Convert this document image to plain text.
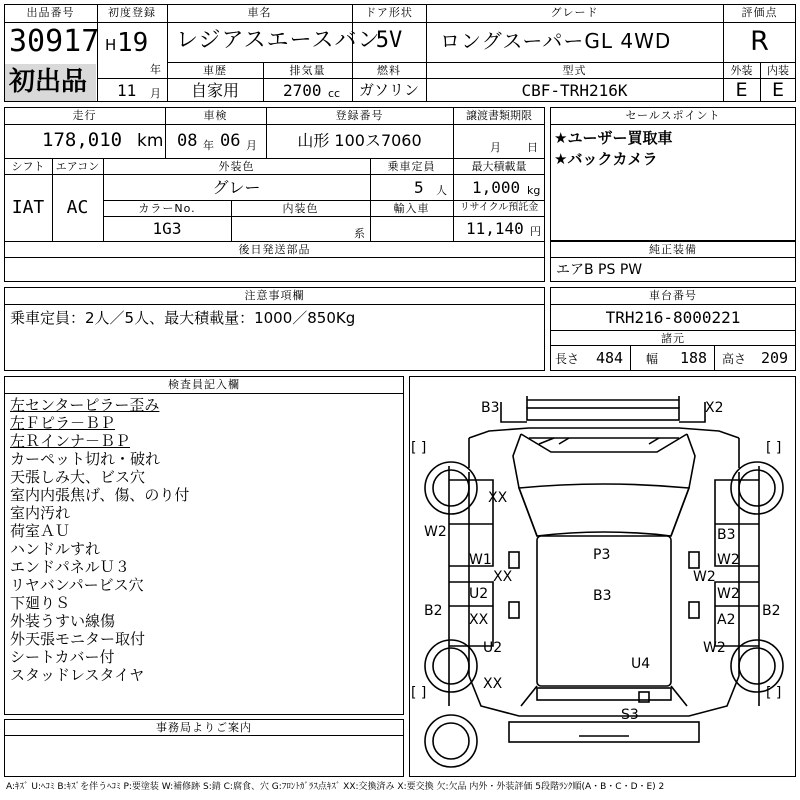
出品番号
30917
初出品
初度登録
H 19
年
11 月
車名
レジアスエースバン
ドア形状
5V
グレード
ロングスーパーGL 4WD
評価点
R
車歴
自家用
排気量
2700 cc
燃料
ガソリン
型式
CBF-TRH216K
外装	内装
E	E
走行
178,010 km
車検
08 年 06 月
登録番号
山形 100ス7060
譲渡書類期限
月 日
シフト
IAT
エアコン
AC
外装色
グレー
乗車定員
5 人
最大積載量
1,000 kg
カラーNo.
1G3
内装色
系
輸入車	リサイクル預託金
11,140 円
後日発送部品
セールスポイント
★ユーザー買取車
★バックカメラ
純正装備
エアB PS PW
注意事項欄
乗車定員：2人／5人、最大積載量：1000／850Kg
車台番号
TRH216-8000221
諸元
長さ 484 幅 188 高さ 209
検査員記入欄
左センターピラー歪み
左Ｆピラ－ＢＰ
左Ｒインナ－ＢＰ
カーペット切れ・破れ
天張しみ大、ビス穴
室内内張焦げ、傷、のり付
室内汚れ
荷室ＡＵ
ハンドルすれ
エンドパネルＵ３
リヤバンパービス穴
下廻りＳ
外装うすい線傷
外天張モニター取付
シートカバー付
スタッドレスタイヤ
事務局よりご案内
B3	X2
[ ]	[ ]
XX
W2
W1
XX
U2
B2
XX
U2
XX
P3
B3
B3
W2
W2
W2
B2
A2
W2
[ ]	[ ]
U4
S3
A:ｷｽﾞ U:ﾍｺﾐ B:ｷｽﾞを伴うﾍｺﾐ P:要塗装 W:補修跡 S:錆 C:腐食、穴 G:ﾌﾛﾝﾄｶﾞﾗｽ点ｷｽﾞ XX:交換済み X:要交換 欠:欠品 内外・外装評価 5段階ﾗﾝｸ順(A・B・C・D・E) 2
